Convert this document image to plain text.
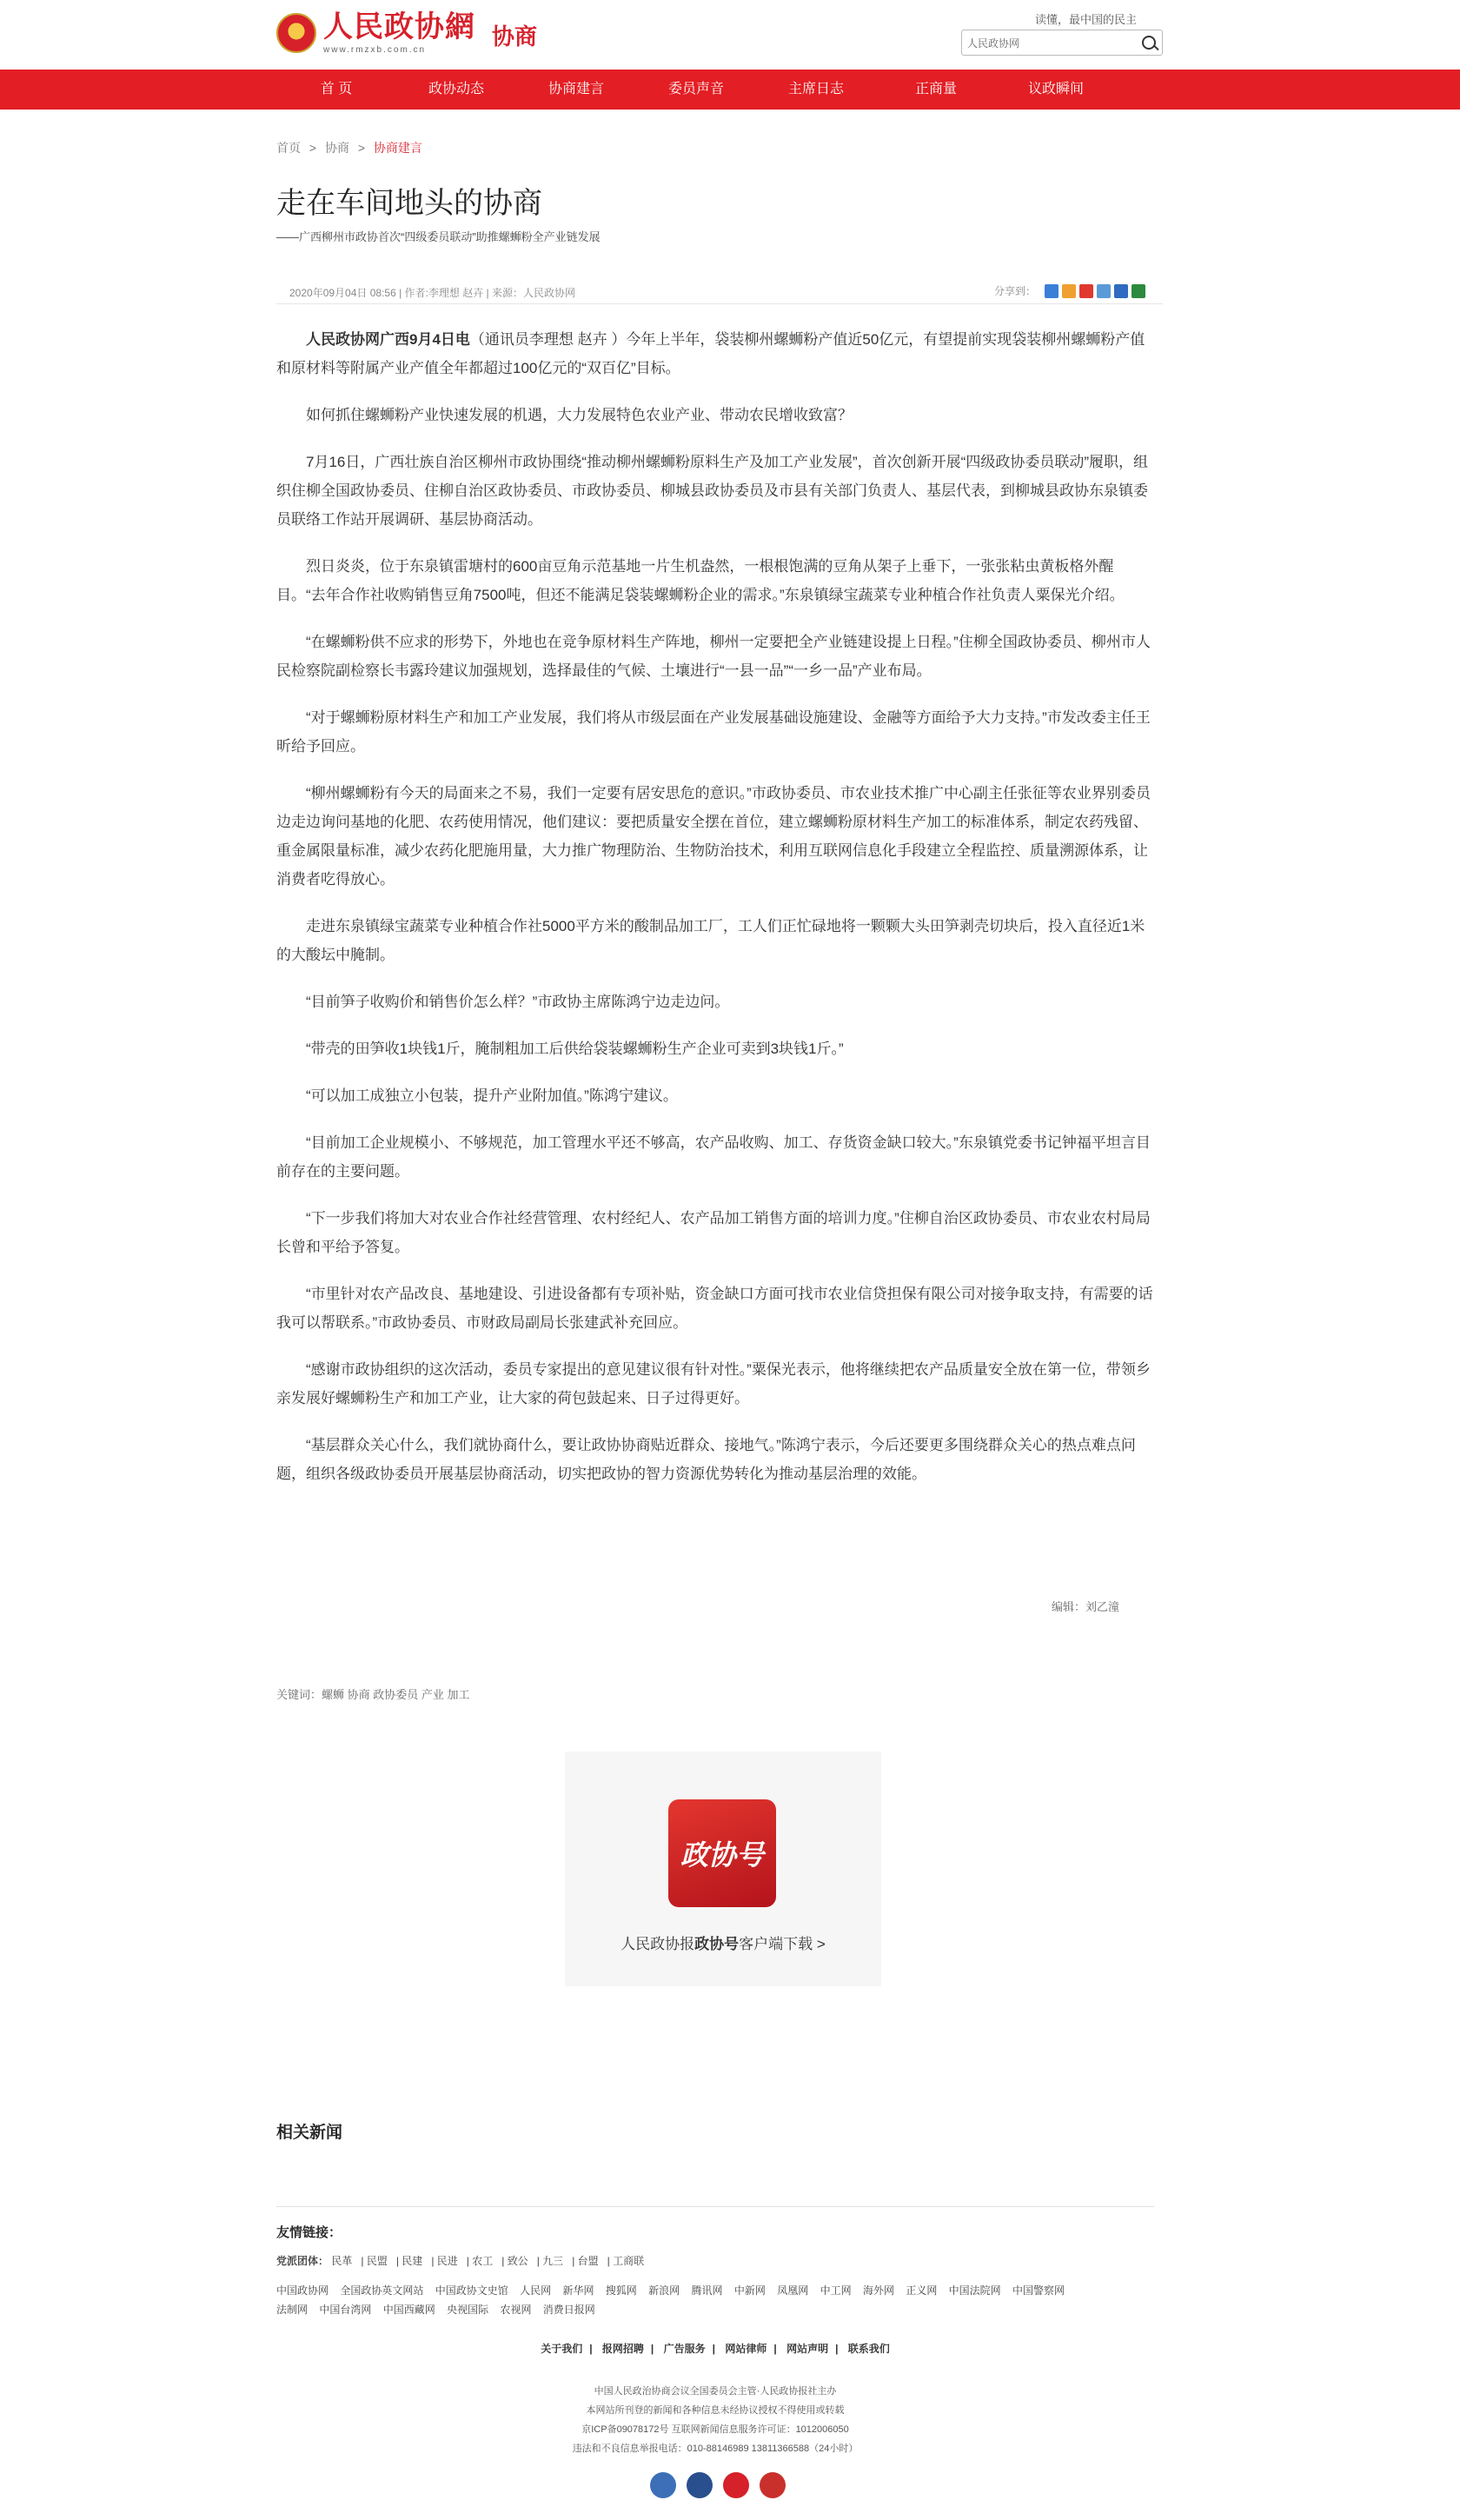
人民政协網
www.rmzxb.com.cn
协商
读懂，最中国的民主
人民政协网
首 页	政协动态	协商建言	委员声音	主席日志	正商量	议政瞬间
首页 > 协商 > 协商建言
走在车间地头的协商
——广西柳州市政协首次“四级委员联动”助推螺蛳粉全产业链发展
2020年09月04日 08:56 | 作者:李理想 赵卉 | 来源：人民政协网	分享到：

人民政协网广西9月4日电（通讯员李理想 赵卉 ）今年上半年，袋装柳州螺蛳粉产值近50亿元，有望提前实现袋装柳州螺蛳粉产值和原材料等附属产业产值全年都超过100亿元的“双百亿”目标。

如何抓住螺蛳粉产业快速发展的机遇，大力发展特色农业产业、带动农民增收致富？

7月16日，广西壮族自治区柳州市政协围绕“推动柳州螺蛳粉原料生产及加工产业发展”，首次创新开展“四级政协委员联动”履职，组织住柳全国政协委员、住柳自治区政协委员、市政协委员、柳城县政协委员及市县有关部门负责人、基层代表，到柳城县政协东泉镇委员联络工作站开展调研、基层协商活动。

烈日炎炎，位于东泉镇雷塘村的600亩豆角示范基地一片生机盎然，一根根饱满的豆角从架子上垂下，一张张粘虫黄板格外醒目。“去年合作社收购销售豆角7500吨，但还不能满足袋装螺蛳粉企业的需求。”东泉镇绿宝蔬菜专业种植合作社负责人粟保光介绍。

“在螺蛳粉供不应求的形势下，外地也在竞争原材料生产阵地，柳州一定要把全产业链建设提上日程。”住柳全国政协委员、柳州市人民检察院副检察长韦露玲建议加强规划，选择最佳的气候、土壤进行“一县一品”“一乡一品”产业布局。

“对于螺蛳粉原材料生产和加工产业发展，我们将从市级层面在产业发展基础设施建设、金融等方面给予大力支持。”市发改委主任王昕给予回应。

“柳州螺蛳粉有今天的局面来之不易，我们一定要有居安思危的意识。”市政协委员、市农业技术推广中心副主任张征等农业界别委员边走边询问基地的化肥、农药使用情况，他们建议：要把质量安全摆在首位，建立螺蛳粉原材料生产加工的标准体系，制定农药残留、重金属限量标准，减少农药化肥施用量，大力推广物理防治、生物防治技术，利用互联网信息化手段建立全程监控、质量溯源体系，让消费者吃得放心。

走进东泉镇绿宝蔬菜专业种植合作社5000平方米的酸制品加工厂，工人们正忙碌地将一颗颗大头田笋剥壳切块后，投入直径近1米的大酸坛中腌制。

“目前笋子收购价和销售价怎么样？”市政协主席陈鸿宁边走边问。

“带壳的田笋收1块钱1斤，腌制粗加工后供给袋装螺蛳粉生产企业可卖到3块钱1斤。”

“可以加工成独立小包装，提升产业附加值。”陈鸿宁建议。

“目前加工企业规模小、不够规范，加工管理水平还不够高，农产品收购、加工、存货资金缺口较大。”东泉镇党委书记钟福平坦言目前存在的主要问题。

“下一步我们将加大对农业合作社经营管理、农村经纪人、农产品加工销售方面的培训力度。”住柳自治区政协委员、市农业农村局局长曾和平给予答复。

“市里针对农产品改良、基地建设、引进设备都有专项补贴，资金缺口方面可找市农业信贷担保有限公司对接争取支持，有需要的话我可以帮联系。”市政协委员、市财政局副局长张建武补充回应。

“感谢市政协组织的这次活动，委员专家提出的意见建议很有针对性。”粟保光表示，他将继续把农产品质量安全放在第一位，带领乡亲发展好螺蛳粉生产和加工产业，让大家的荷包鼓起来、日子过得更好。

“基层群众关心什么，我们就协商什么，要让政协协商贴近群众、接地气。”陈鸿宁表示，今后还要更多围绕群众关心的热点难点问题，组织各级政协委员开展基层协商活动，切实把政协的智力资源优势转化为推动基层治理的效能。

编辑：刘乙潼
关键词：螺蛳 协商 政协委员 产业 加工
政协号
人民政协报政协号客户端下载 >
相关新闻
友情链接：
党派团体： 民革 | 民盟 | 民建 | 民进 | 农工 | 致公 | 九三 | 台盟 | 工商联
中国政协网 全国政协英文网站 中国政协文史馆 人民网 新华网 搜狐网 新浪网 腾讯网 中新网 凤凰网 中工网 海外网 正义网 中国法院网 中国警察网
法制网 中国台湾网 中国西藏网 央视国际 农视网 消费日报网
关于我们 | 报网招聘 | 广告服务 | 网站律师 | 网站声明 | 联系我们
中国人民政治协商会议全国委员会主管·人民政协报社主办
本网站所刊登的新闻和各种信息未经协议授权不得使用或转载
京ICP备09078172号 互联网新闻信息服务许可证：1012006050
违法和不良信息举报电话：010-88146989 13811366588（24小时）
